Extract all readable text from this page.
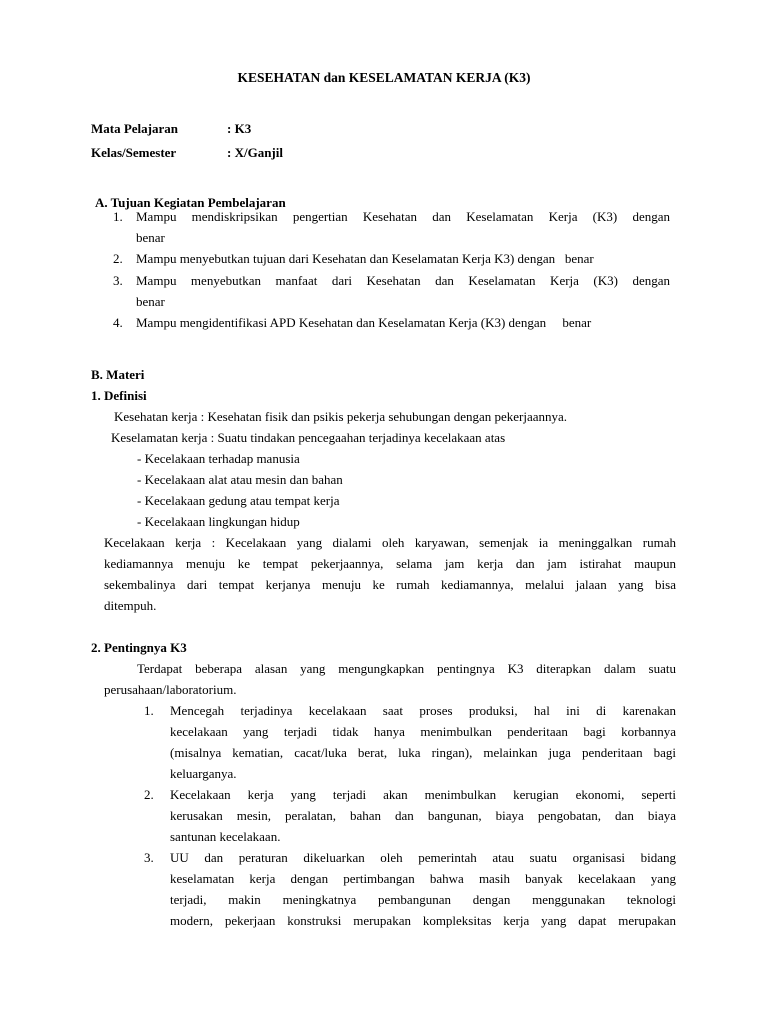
KESEHATAN dan KESELAMATAN KERJA (K3)
Mata Pelajaran	: K3
Kelas/Semester	: X/Ganjil
A. Tujuan Kegiatan Pembelajaran
1. Mampu mendiskripsikan pengertian Kesehatan dan Keselamatan Kerja (K3) dengan
benar
2. Mampu menyebutkan tujuan dari Kesehatan dan Keselamatan Kerja K3) dengan   benar
3. Mampu menyebutkan manfaat dari Kesehatan dan Keselamatan Kerja (K3) dengan
benar
4. Mampu mengidentifikasi APD Kesehatan dan Keselamatan Kerja (K3) dengan     benar
B. Materi
1. Definisi
Kesehatan kerja : Kesehatan fisik dan psikis pekerja sehubungan dengan pekerjaannya.
Keselamatan kerja : Suatu tindakan pencegaahan terjadinya kecelakaan atas
- Kecelakaan terhadap manusia
- Kecelakaan alat atau mesin dan bahan
- Kecelakaan gedung atau tempat kerja
- Kecelakaan lingkungan hidup
Kecelakaan kerja : Kecelakaan yang dialami oleh karyawan, semenjak ia meninggalkan rumah
kediamannya menuju ke tempat pekerjaannya, selama jam kerja dan jam istirahat maupun
sekembalinya dari tempat kerjanya menuju ke rumah kediamannya, melalui jalaan yang bisa
ditempuh.
2. Pentingnya K3
Terdapat beberapa alasan yang mengungkapkan pentingnya K3 diterapkan dalam suatu
perusahaan/laboratorium.
1. Mencegah terjadinya kecelakaan saat proses produksi, hal ini di karenakan
kecelakaan yang terjadi tidak hanya menimbulkan penderitaan bagi korbannya
(misalnya kematian, cacat/luka berat, luka ringan), melainkan juga penderitaan bagi
keluarganya.
2. Kecelakaan kerja yang terjadi akan menimbulkan kerugian ekonomi, seperti
kerusakan mesin, peralatan, bahan dan bangunan, biaya pengobatan, dan biaya
santunan kecelakaan.
3. UU dan peraturan dikeluarkan oleh pemerintah atau suatu organisasi bidang
keselamatan kerja dengan pertimbangan bahwa masih banyak kecelakaan yang
terjadi, makin meningkatnya pembangunan dengan menggunakan teknologi
modern, pekerjaan konstruksi merupakan kompleksitas kerja yang dapat merupakan
